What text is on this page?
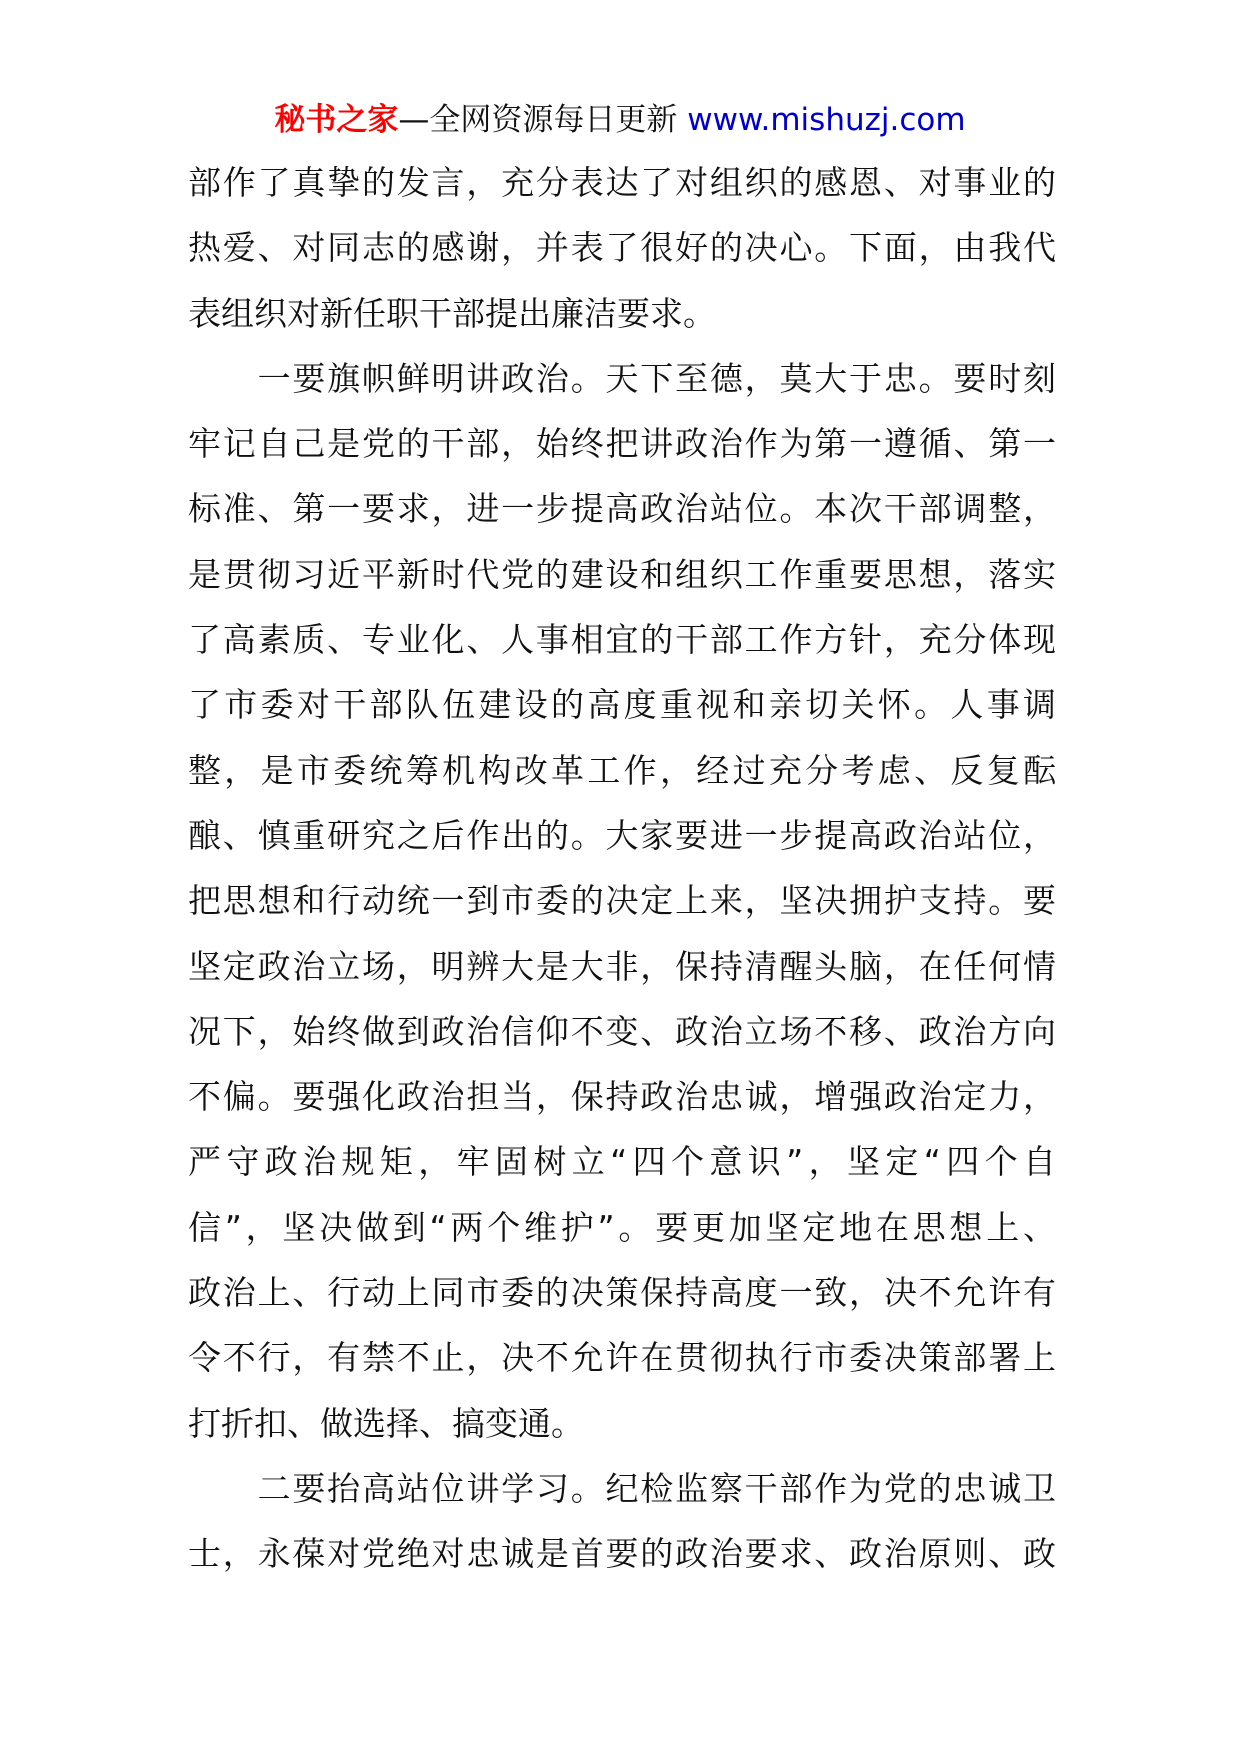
秘书之家—全网资源每日更新 www.mishuzj.com
部作了真挚的发言，充分表达了对组织的感恩、对事业的
热爱、对同志的感谢，并表了很好的决心。下面，由我代
表组织对新任职干部提出廉洁要求。
　　一要旗帜鲜明讲政治。天下至德，莫大于忠。要时刻
牢记自己是党的干部，始终把讲政治作为第一遵循、第一
标准、第一要求，进一步提高政治站位。本次干部调整，
是贯彻习近平新时代党的建设和组织工作重要思想，落实
了高素质、专业化、人事相宜的干部工作方针，充分体现
了市委对干部队伍建设的高度重视和亲切关怀。人事调
整，是市委统筹机构改革工作，经过充分考虑、反复酝
酿、慎重研究之后作出的。大家要进一步提高政治站位，
把思想和行动统一到市委的决定上来，坚决拥护支持。要
坚定政治立场，明辨大是大非，保持清醒头脑，在任何情
况下，始终做到政治信仰不变、政治立场不移、政治方向
不偏。要强化政治担当，保持政治忠诚，增强政治定力，
严守政治规矩，牢固树立“四个意识”，坚定“四个自
信”，坚决做到“两个维护”。要更加坚定地在思想上、
政治上、行动上同市委的决策保持高度一致，决不允许有
令不行，有禁不止，决不允许在贯彻执行市委决策部署上
打折扣、做选择、搞变通。
　　二要抬高站位讲学习。纪检监察干部作为党的忠诚卫
士，永葆对党绝对忠诚是首要的政治要求、政治原则、政
